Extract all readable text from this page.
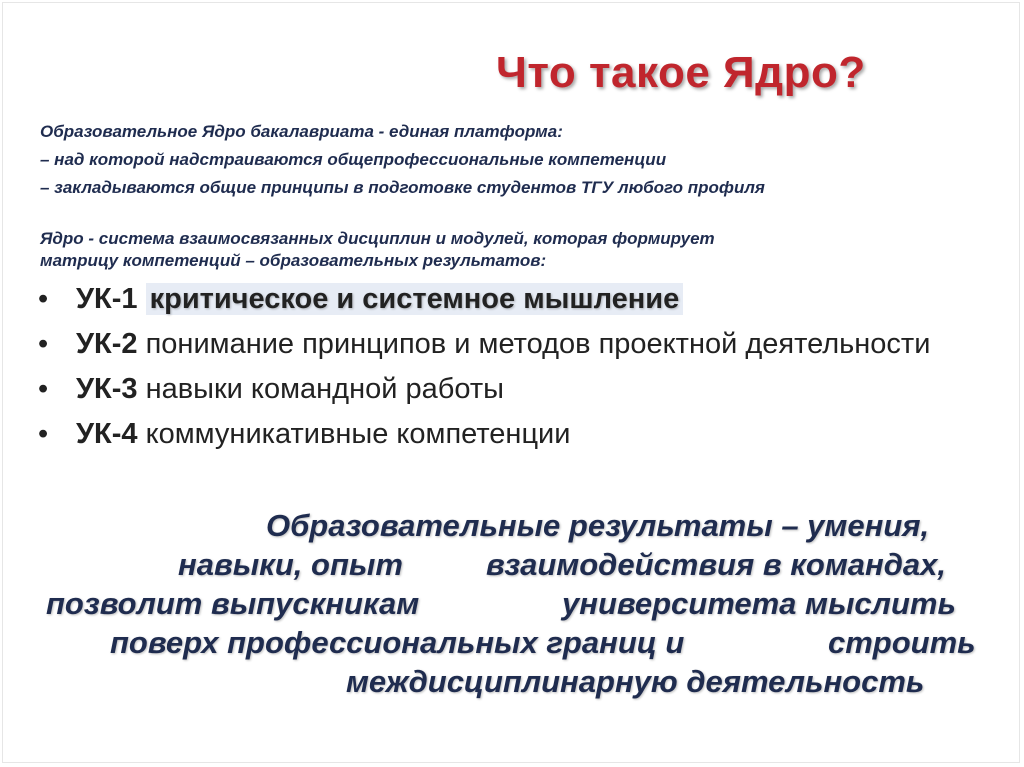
Что такое Ядро?
Образовательное Ядро бакалавриата - единая платформа:
– над которой надстраиваются общепрофессиональные компетенции
– закладываются общие принципы в подготовке студентов ТГУ любого профиля
Ядро - система взаимосвязанных дисциплин и модулей, которая формирует
матрицу компетенций – образовательных результатов:
• УК-1 критическое и системное мышление
• УК-2 понимание принципов и методов проектной деятельности
• УК-3 навыки командной работы
• УК-4 коммуникативные компетенции
Образовательные результаты – умения,
навыки, опыт	взаимодействия в командах,
позволит выпускникам	университета мыслить
поверх профессиональных границ и	строить
междисциплинарную деятельность
